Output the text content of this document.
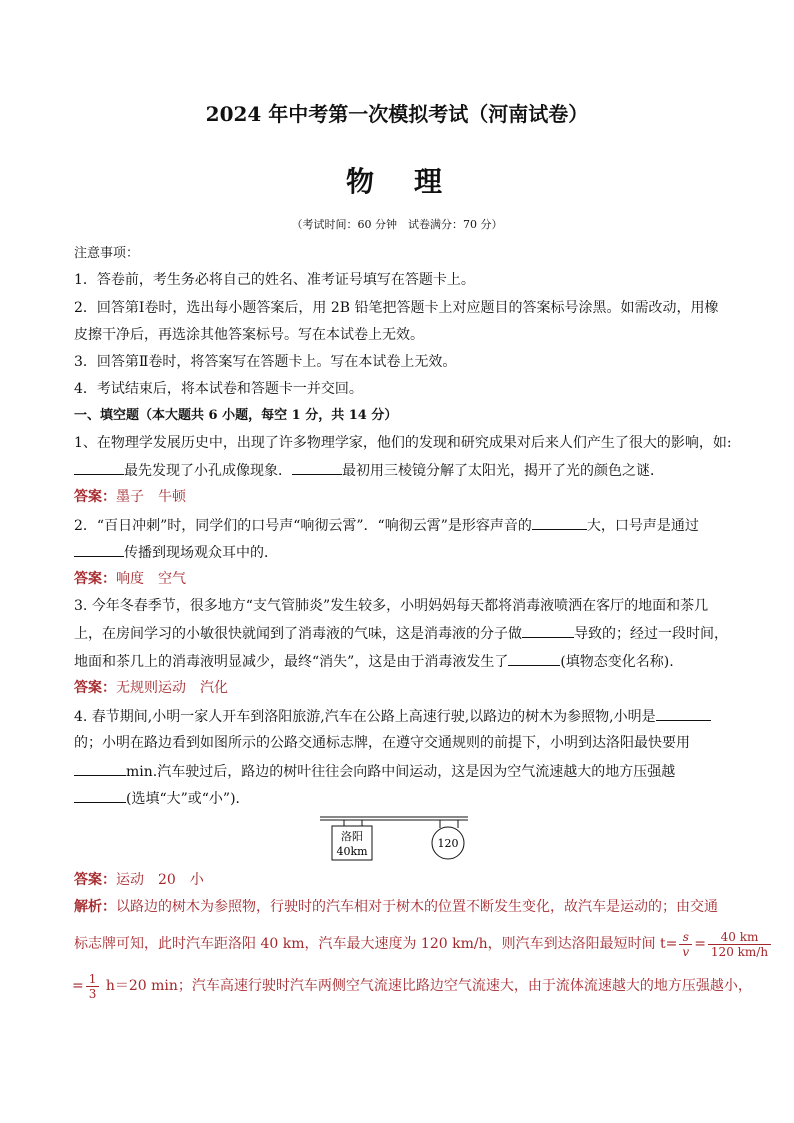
2024 年中考第一次模拟考试（河南试卷）
物　理
（考试时间：60 分钟　试卷满分：70 分）
注意事项：
1．答卷前，考生务必将自己的姓名、准考证号填写在答题卡上。
2．回答第Ⅰ卷时，选出每小题答案后，用 2B 铅笔把答题卡上对应题目的答案标号涂黑。如需改动，用橡
皮擦干净后，再选涂其他答案标号。写在本试卷上无效。
3．回答第Ⅱ卷时，将答案写在答题卡上。写在本试卷上无效。
4．考试结束后，将本试卷和答题卡一并交回。
一、填空题（本大题共 6 小题，每空 1 分，共 14 分）
1、在物理学发展历史中，出现了许多物理学家，他们的发现和研究成果对后来人们产生了很大的影响，如:
最先发现了小孔成像现象．	最初用三棱镜分解了太阳光，揭开了光的颜色之谜．
答案：墨子　牛顿
2．“百日冲刺”时，同学们的口号声“响彻云霄”．“响彻云霄”是形容声音的	大，口号声是通过
传播到现场观众耳中的．
答案：响度　空气
3. 今年冬春季节，很多地方“支气管肺炎”发生较多，小明妈妈每天都将消毒液喷洒在客厅的地面和茶几
上，在房间学习的小敏很快就闻到了消毒液的气味，这是消毒液的分子做	导致的；经过一段时间，
地面和茶几上的消毒液明显减少，最终“消失”，这是由于消毒液发生了	(填物态变化名称).
答案：无规则运动　汽化
4. 春节期间,小明一家人开车到洛阳旅游,汽车在公路上高速行驶,以路边的树木为参照物,小明是
的；小明在路边看到如图所示的公路交通标志牌，在遵守交通规则的前提下，小明到达洛阳最快要用
min.汽车驶过后，路边的树叶往往会向路中间运动，这是因为空气流速越大的地方压强越
(选填“大”或“小”)．
洛阳
40km
120
答案：运动　20　小
解析：以路边的树木为参照物，行驶时的汽车相对于树木的位置不断发生变化，故汽车是运动的；由交通
标志牌可知，此时汽车距洛阳 40 km，汽车最大速度为 120 km/h，则汽车到达洛阳最短时间 $t= \frac{s}{v} = \frac{40 km}{120 km/h}$
= $\frac{1}{3} h=20$ min；汽车高速行驶时汽车两侧空气流速比路边空气流速大，由于流体流速越大的地方压强越小，
